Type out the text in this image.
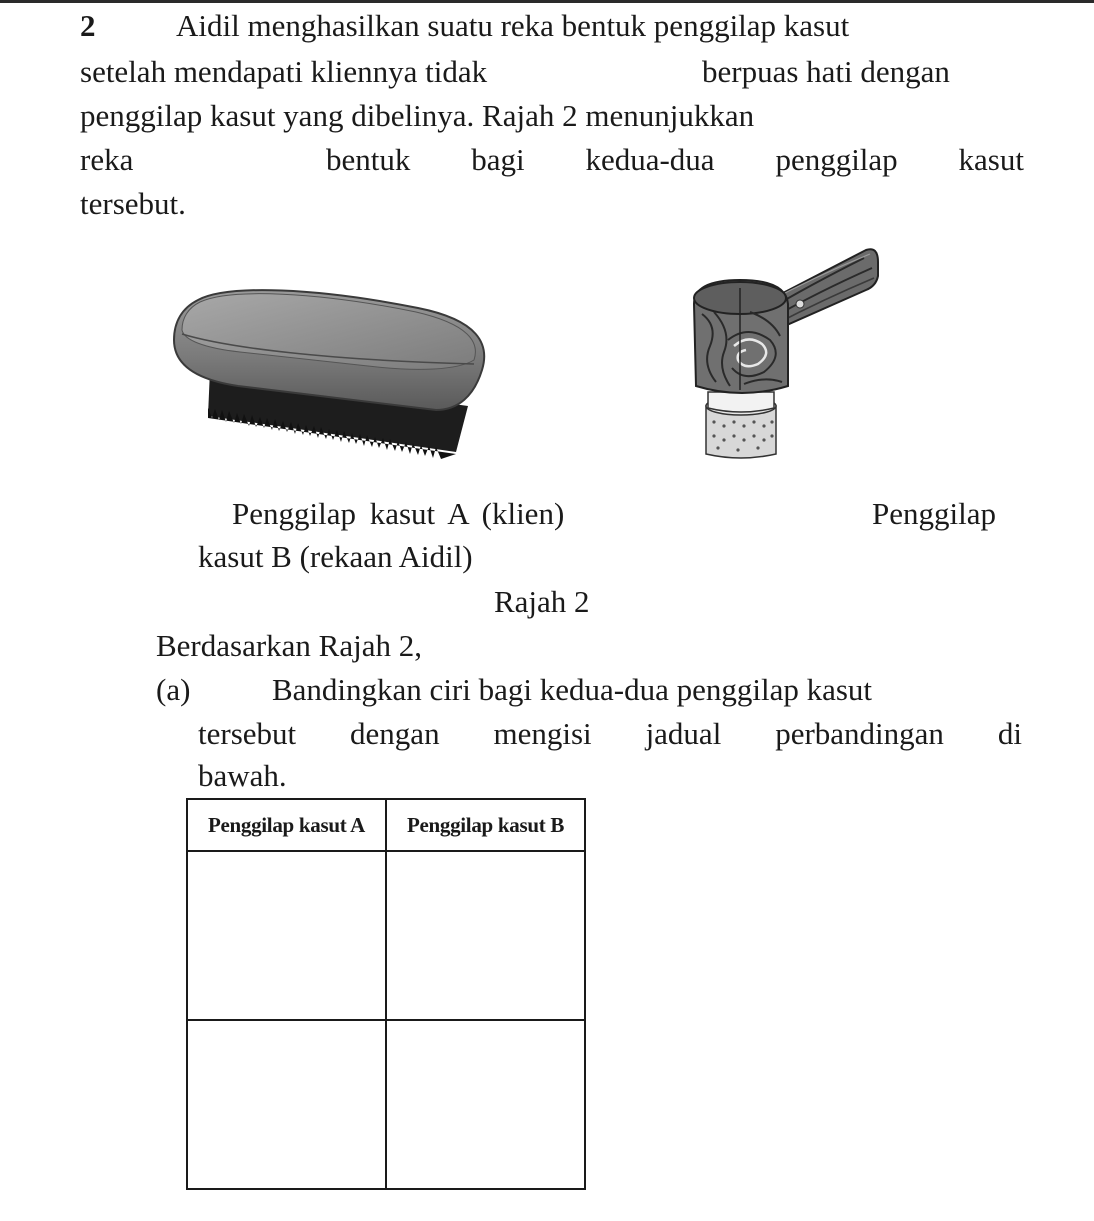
2	Aidil menghasilkan suatu reka bentuk penggilap kasut
setelah mendapati kliennya tidak	berpuas hati dengan
penggilap kasut yang dibelinya. Rajah 2 menunjukkan
reka	bentuk bagi kedua-dua penggilap kasut
tersebut.
Penggilap kasut A (klien)	Penggilap
kasut B (rekaan Aidil)
Rajah 2
Berdasarkan Rajah 2,
(a)	Bandingkan ciri bagi kedua-dua penggilap kasut
tersebut dengan mengisi jadual perbandingan di
bawah.
Penggilap kasut A	Penggilap kasut B
